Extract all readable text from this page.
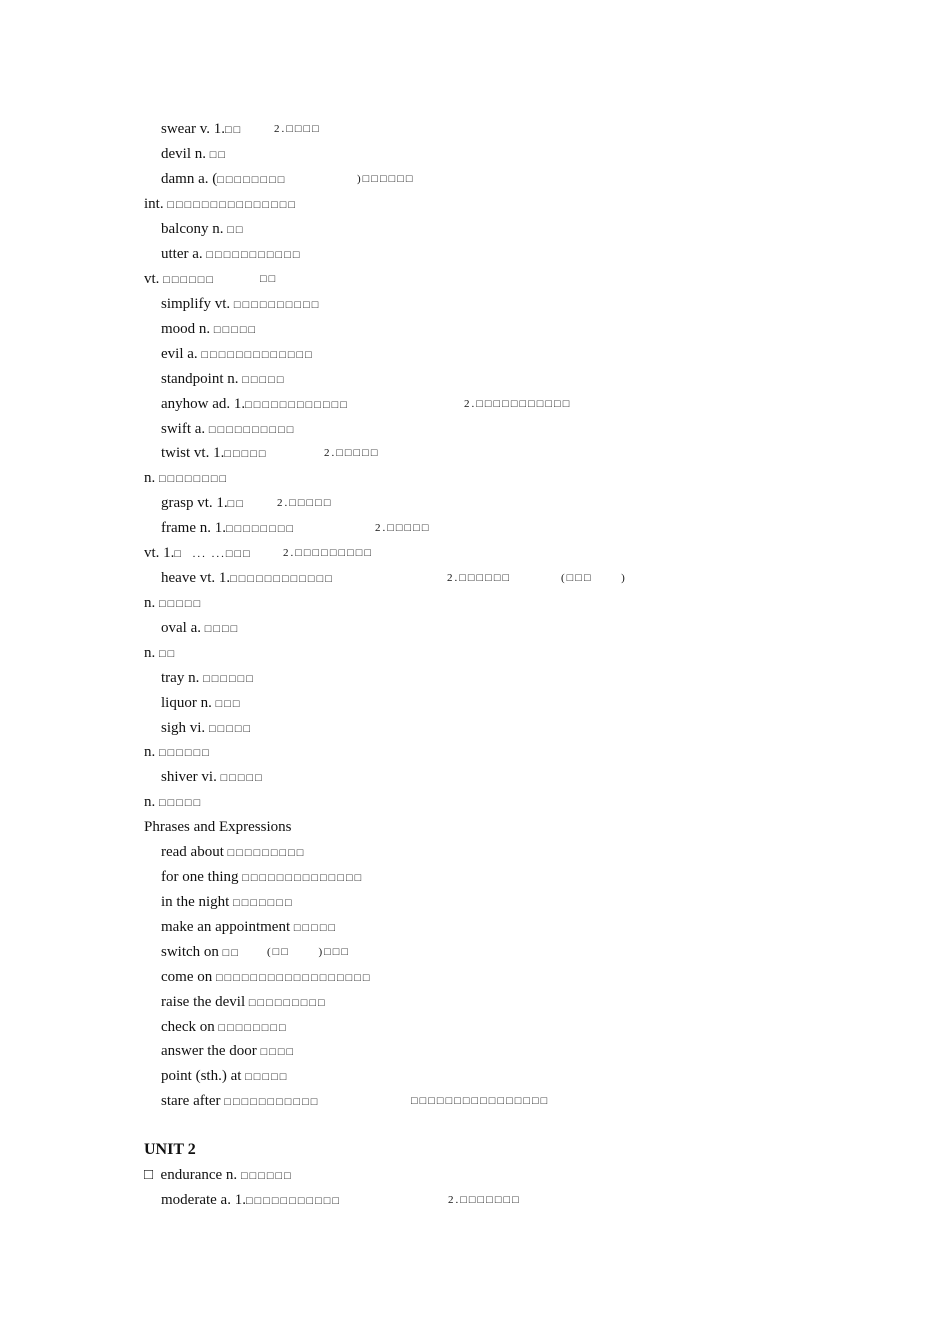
swear v. 1.□□	2.□□□□
devil n. □□
damn a. (□□□□□□□□	)□□□□□□
int. □□□□□□□□□□□□□□□
balcony n. □□
utter a. □□□□□□□□□□□
vt. □□□□□□	□□
simplify vt. □□□□□□□□□□
mood n. □□□□□
evil a. □□□□□□□□□□□□□
standpoint n. □□□□□
anyhow ad. 1.□□□□□□□□□□□□	2.□□□□□□□□□□□
swift a. □□□□□□□□□□
twist vt. 1.□□□□□	2.□□□□□
n. □□□□□□□□
grasp vt. 1.□□	2.□□□□□
frame n. 1.□□□□□□□□	2.□□□□□
vt. 1.□  ... ...□□□	2.□□□□□□□□□
heave vt. 1.□□□□□□□□□□□□	2.□□□□□□	(□□□      )
n. □□□□□
oval a. □□□□
n. □□
tray n. □□□□□□
liquor n. □□□
sigh vi. □□□□□
n. □□□□□□
shiver vi. □□□□□
n. □□□□□
Phrases and Expressions
read about □□□□□□□□□
for one thing □□□□□□□□□□□□□□
in the night □□□□□□□
make an appointment □□□□□
switch on □□ (□□      )□□□
come on □□□□□□□□□□□□□□□□□□
raise the devil □□□□□□□□□
check on □□□□□□□□
answer the door □□□□
point (sth.) at □□□□□
stare after □□□□□□□□□□□	□□□□□□□□□□□□□□□□
UNIT 2
□  endurance n. □□□□□□
moderate a. 1.□□□□□□□□□□□	2.□□□□□□□
